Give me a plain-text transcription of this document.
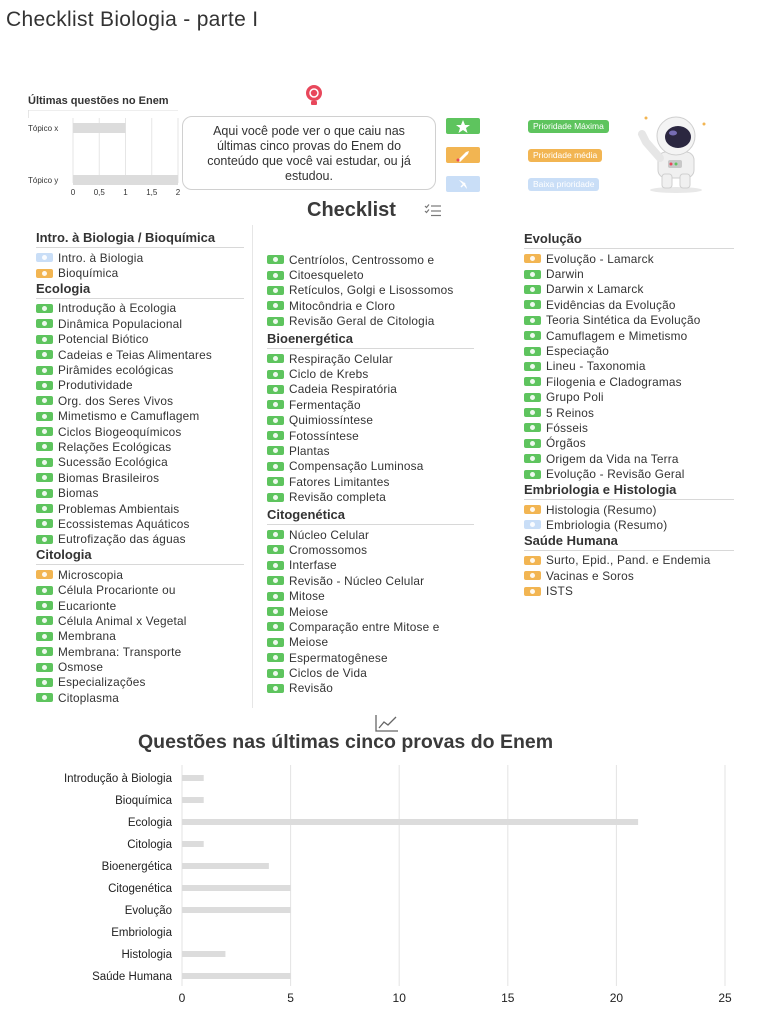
Checklist Biologia - parte I
Últimas questões no Enem
0 0,5 1 1,5 2
Tópico x
Tópico y
Aqui você pode ver o que caiu nas últimas cinco provas do Enem do conteúdo que você vai estudar, ou já estudou.
Prioridade Máxima
Prioridade média
Baixa prioridade
Checklist
Intro. à Biologia / Bioquímica
Intro. à Biologia
Bioquímica
Ecologia
Introdução à Ecologia
Dinâmica Populacional
Potencial Biótico
Cadeias e Teias Alimentares
Pirâmides ecológicas
Produtividade
Org. dos Seres Vivos
Mimetismo e Camuflagem
Ciclos Biogeoquímicos
Relações Ecológicas
Sucessão Ecológica
Biomas Brasileiros
Biomas
Problemas Ambientais
Ecossistemas Aquáticos
Eutrofização das águas
Citologia
Microscopia
Célula Procarionte ou
Eucarionte
Célula Animal x Vegetal
Membrana
Membrana: Transporte
Osmose
Especializações
Citoplasma
Centríolos, Centrossomo e
Citoesqueleto
Retículos, Golgi e Lisossomos
Mitocôndria e Cloro
Revisão Geral de Citologia
Bioenergética
Respiração Celular
Ciclo de Krebs
Cadeia Respiratória
Fermentação
Quimiossíntese
Fotossíntese
Plantas
Compensação Luminosa
Fatores Limitantes
Revisão completa
Citogenética
Núcleo Celular
Cromossomos
Interfase
Revisão - Núcleo Celular
Mitose
Meiose
Comparação entre Mitose e
Meiose
Espermatogênese
Ciclos de Vida
Revisão
Evolução
Evolução - Lamarck
Darwin
Darwin x Lamarck
Evidências da Evolução
Teoria Sintética da Evolução
Camuflagem e Mimetismo
Especiação
Lineu - Taxonomia
Filogenia e Cladogramas
Grupo Poli
5 Reinos
Fósseis
Órgãos
Origem da Vida na Terra
Evolução - Revisão Geral
Embriologia e Histologia
Histologia (Resumo)
Embriologia (Resumo)
Saúde Humana
Surto, Epid., Pand. e Endemia
Vacinas e Soros
ISTS
Questões nas últimas cinco provas do Enem
0	5	10	15	20	25
Introdução à Biologia
Bioquímica
Ecologia
Citologia
Bioenergética
Citogenética
Evolução
Embriologia
Histologia
Saúde Humana
